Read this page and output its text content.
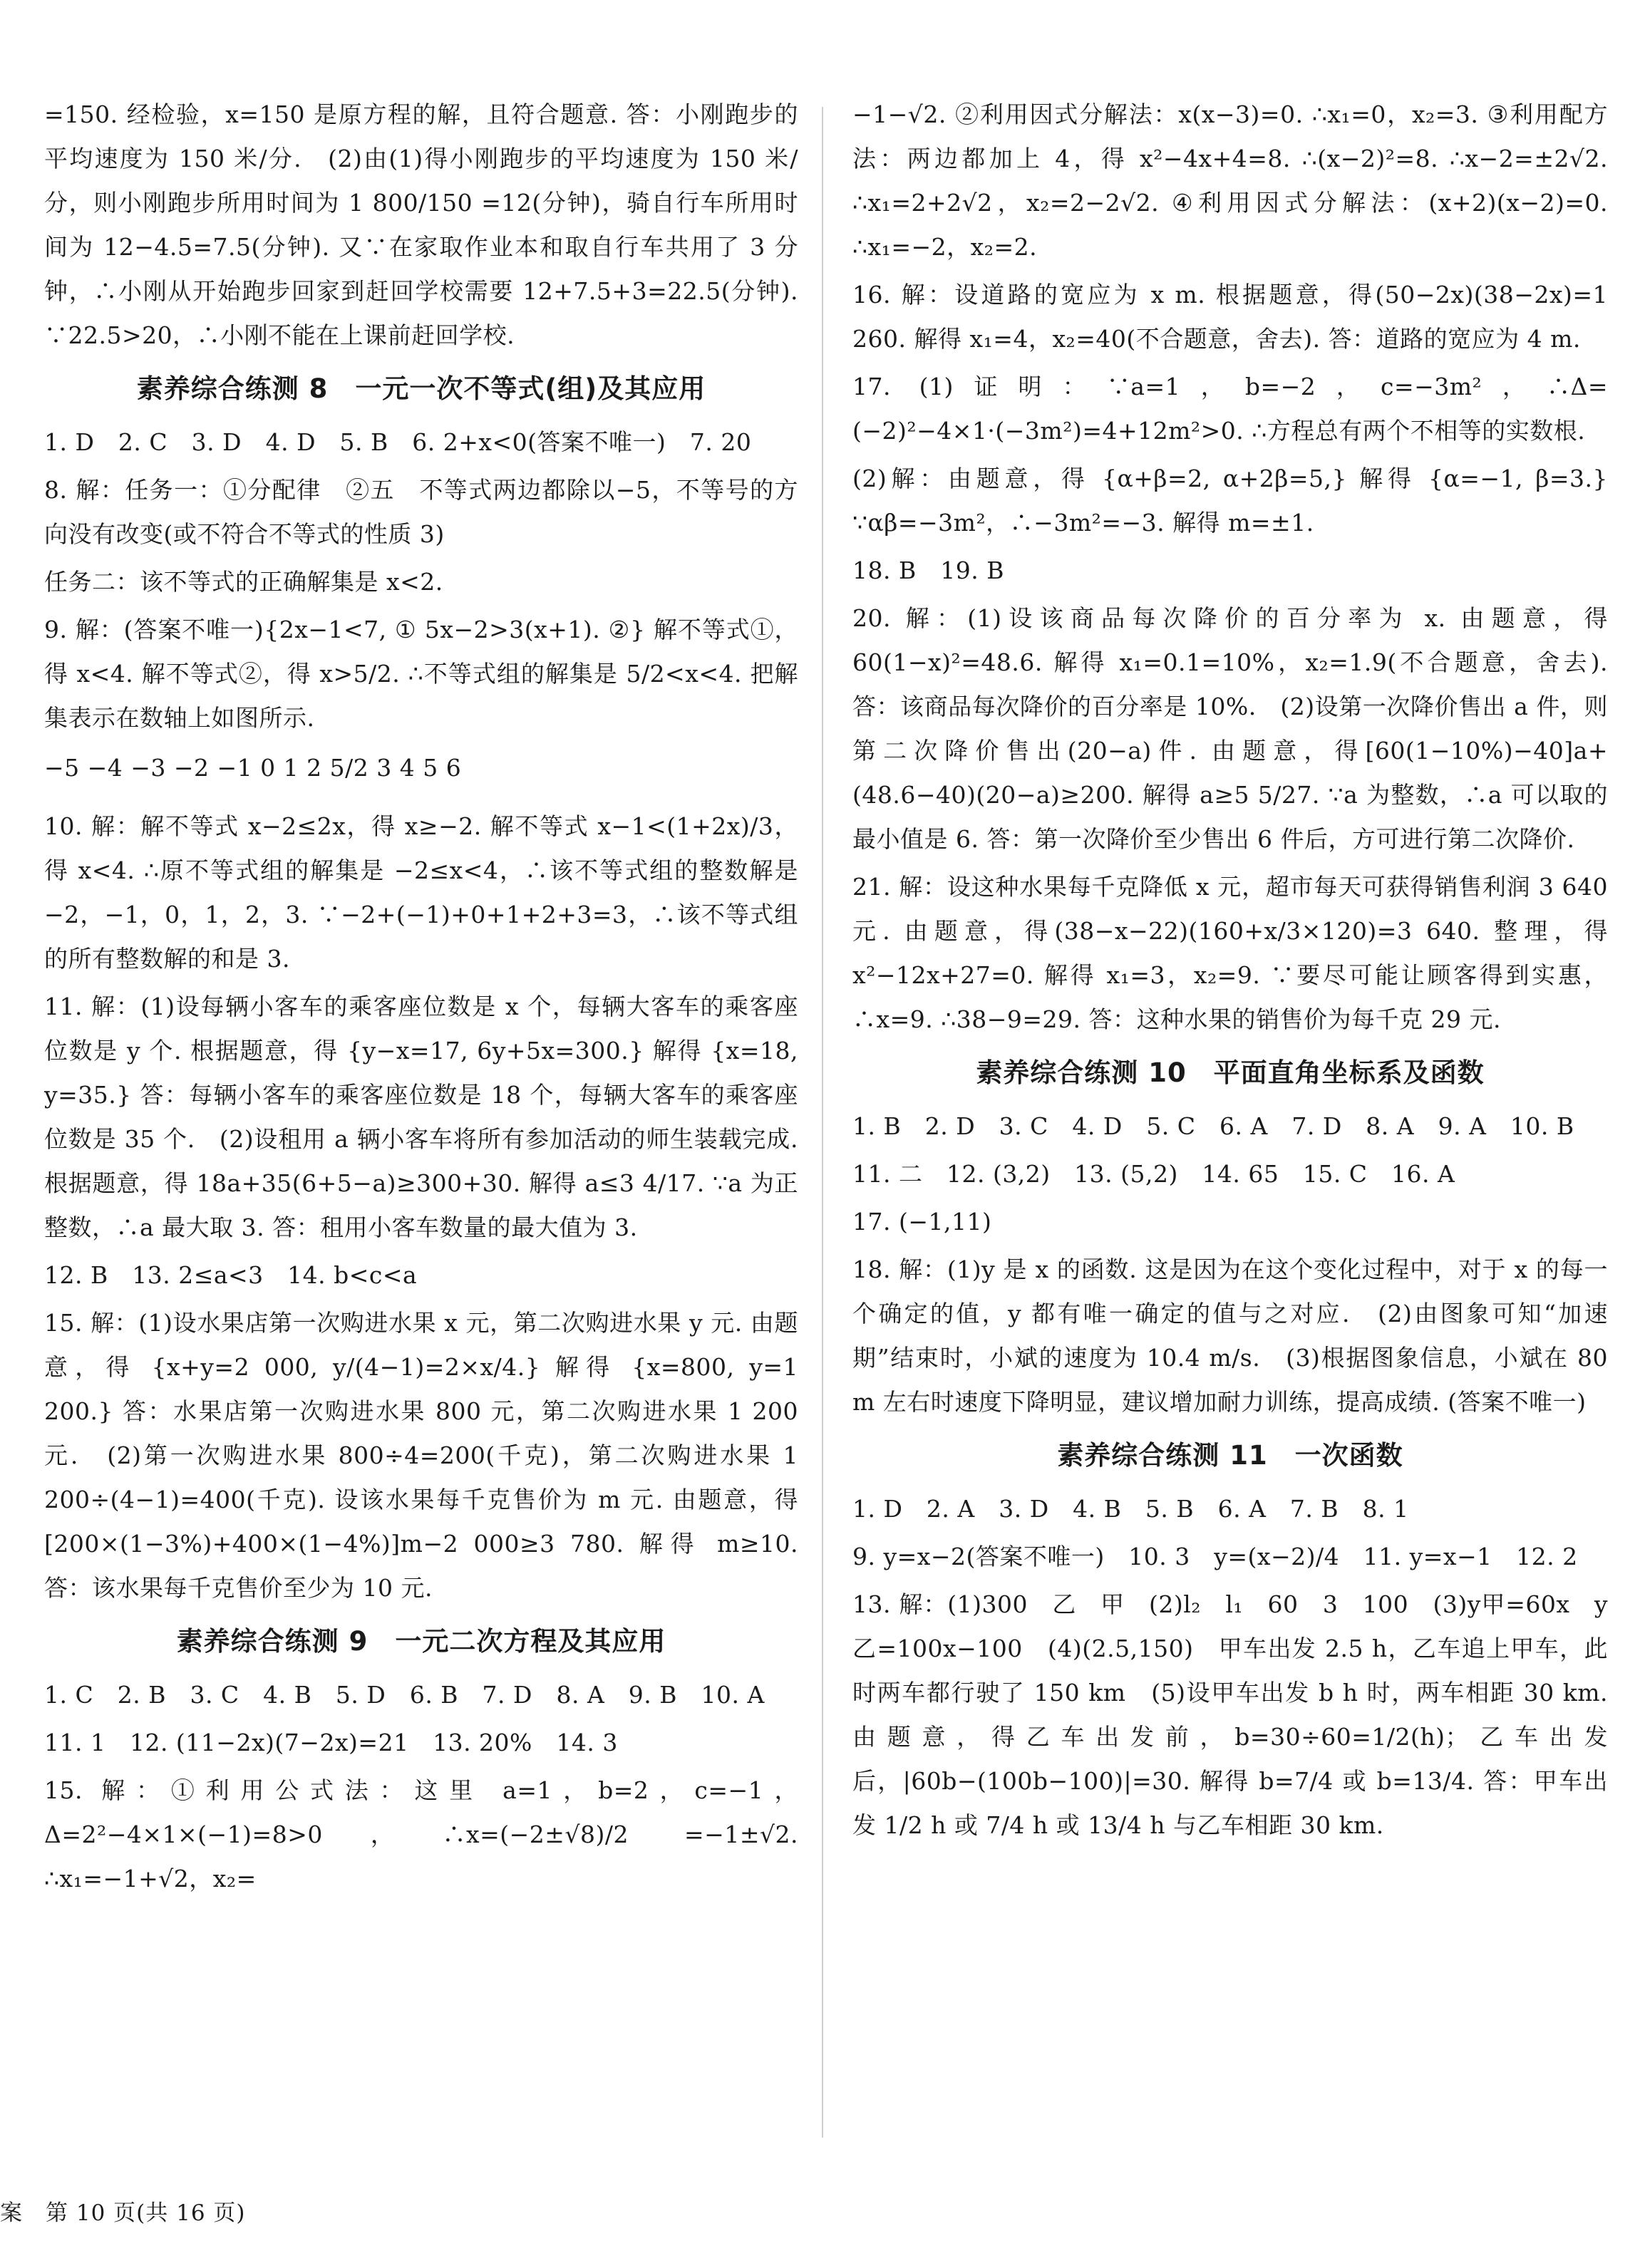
=150. 经检验，x=150 是原方程的解，且符合题意. 答：小刚跑步的平均速度为 150 米/分.　(2)由(1)得小刚跑步的平均速度为 150 米/分，则小刚跑步所用时间为 1 800/150 =12(分钟)，骑自行车所用时间为 12−4.5=7.5(分钟). 又∵在家取作业本和取自行车共用了 3 分钟，∴小刚从开始跑步回家到赶回学校需要 12+7.5+3=22.5(分钟). ∵22.5>20，∴小刚不能在上课前赶回学校.
素养综合练测 8　一元一次不等式(组)及其应用
1. D　2. C　3. D　4. D　5. B　6. 2+x<0(答案不唯一)　7. 20
8. 解：任务一：①分配律　②五　不等式两边都除以−5，不等号的方向没有改变(或不符合不等式的性质 3)
任务二：该不等式的正确解集是 x<2.
9. 解：(答案不唯一){2x−1<7, ① 5x−2>3(x+1). ②} 解不等式①，得 x<4. 解不等式②，得 x>5/2. ∴不等式组的解集是 5/2<x<4. 把解集表示在数轴上如图所示.
−5 −4 −3 −2 −1 0 1 2 5/2 3 4 5 6
10. 解：解不等式 x−2≤2x，得 x≥−2. 解不等式 x−1<(1+2x)/3，得 x<4. ∴原不等式组的解集是 −2≤x<4，∴该不等式组的整数解是 −2，−1，0，1，2，3. ∵−2+(−1)+0+1+2+3=3，∴该不等式组的所有整数解的和是 3.
11. 解：(1)设每辆小客车的乘客座位数是 x 个，每辆大客车的乘客座位数是 y 个. 根据题意，得 {y−x=17, 6y+5x=300.} 解得 {x=18, y=35.} 答：每辆小客车的乘客座位数是 18 个，每辆大客车的乘客座位数是 35 个.　(2)设租用 a 辆小客车将所有参加活动的师生装载完成. 根据题意，得 18a+35(6+5−a)≥300+30. 解得 a≤3 4/17. ∵a 为正整数，∴a 最大取 3. 答：租用小客车数量的最大值为 3.
12. B　13. 2≤a<3　14. b<c<a
15. 解：(1)设水果店第一次购进水果 x 元，第二次购进水果 y 元. 由题意，得 {x+y=2 000, y/(4−1)=2×x/4.} 解得 {x=800, y=1 200.} 答：水果店第一次购进水果 800 元，第二次购进水果 1 200 元.　(2)第一次购进水果 800÷4=200(千克)，第二次购进水果 1 200÷(4−1)=400(千克). 设该水果每千克售价为 m 元. 由题意，得[200×(1−3%)+400×(1−4%)]m−2 000≥3 780. 解得 m≥10. 答：该水果每千克售价至少为 10 元.
素养综合练测 9　一元二次方程及其应用
1. C　2. B　3. C　4. B　5. D　6. B　7. D　8. A　9. B　10. A
11. 1　12. (11−2x)(7−2x)=21　13. 20%　14. 3
15. 解：①利用公式法：这里 a=1，b=2，c=−1，Δ=2²−4×1×(−1)=8>0，∴x=(−2±√8)/2 =−1±√2. ∴x₁=−1+√2，x₂=
−1−√2. ②利用因式分解法：x(x−3)=0. ∴x₁=0，x₂=3. ③利用配方法：两边都加上 4，得 x²−4x+4=8. ∴(x−2)²=8. ∴x−2=±2√2. ∴x₁=2+2√2，x₂=2−2√2. ④利用因式分解法：(x+2)(x−2)=0. ∴x₁=−2，x₂=2.
16. 解：设道路的宽应为 x m. 根据题意，得(50−2x)(38−2x)=1 260. 解得 x₁=4，x₂=40(不合题意，舍去). 答：道路的宽应为 4 m.
17. (1)证明：∵a=1，b=−2，c=−3m²，∴Δ=(−2)²−4×1·(−3m²)=4+12m²>0. ∴方程总有两个不相等的实数根.
(2)解：由题意，得 {α+β=2, α+2β=5,} 解得 {α=−1, β=3.} ∵αβ=−3m²，∴−3m²=−3. 解得 m=±1.
18. B　19. B
20. 解：(1)设该商品每次降价的百分率为 x. 由题意，得 60(1−x)²=48.6. 解得 x₁=0.1=10%，x₂=1.9(不合题意，舍去). 答：该商品每次降价的百分率是 10%.　(2)设第一次降价售出 a 件，则第二次降价售出(20−a)件. 由题意，得[60(1−10%)−40]a+(48.6−40)(20−a)≥200. 解得 a≥5 5/27. ∵a 为整数，∴a 可以取的最小值是 6. 答：第一次降价至少售出 6 件后，方可进行第二次降价.
21. 解：设这种水果每千克降低 x 元，超市每天可获得销售利润 3 640 元. 由题意，得(38−x−22)(160+x/3×120)=3 640. 整理，得 x²−12x+27=0. 解得 x₁=3，x₂=9. ∵要尽可能让顾客得到实惠，∴x=9. ∴38−9=29. 答：这种水果的销售价为每千克 29 元.
素养综合练测 10　平面直角坐标系及函数
1. B　2. D　3. C　4. D　5. C　6. A　7. D　8. A　9. A　10. B
11. 二　12. (3,2)　13. (5,2)　14. 65　15. C　16. A
17. (−1,11)
18. 解：(1)y 是 x 的函数. 这是因为在这个变化过程中，对于 x 的每一个确定的值，y 都有唯一确定的值与之对应.　(2)由图象可知“加速期”结束时，小斌的速度为 10.4 m/s.　(3)根据图象信息，小斌在 80 m 左右时速度下降明显，建议增加耐力训练，提高成绩. (答案不唯一)
素养综合练测 11　一次函数
1. D　2. A　3. D　4. B　5. B　6. A　7. B　8. 1
9. y=x−2(答案不唯一)　10. 3　y=(x−2)/4　11. y=x−1　12. 2
13. 解：(1)300　乙　甲　(2)l₂　l₁　60　3　100　(3)y甲=60x　y乙=100x−100　(4)(2.5,150)　甲车出发 2.5 h，乙车追上甲车，此时两车都行驶了 150 km　(5)设甲车出发 b h 时，两车相距 30 km. 由题意，得乙车出发前，b=30÷60=1/2(h)；乙车出发后，|60b−(100b−100)|=30. 解得 b=7/4 或 b=13/4. 答：甲车出发 1/2 h 或 7/4 h 或 13/4 h 与乙车相距 30 km.
案　第 10 页(共 16 页)
